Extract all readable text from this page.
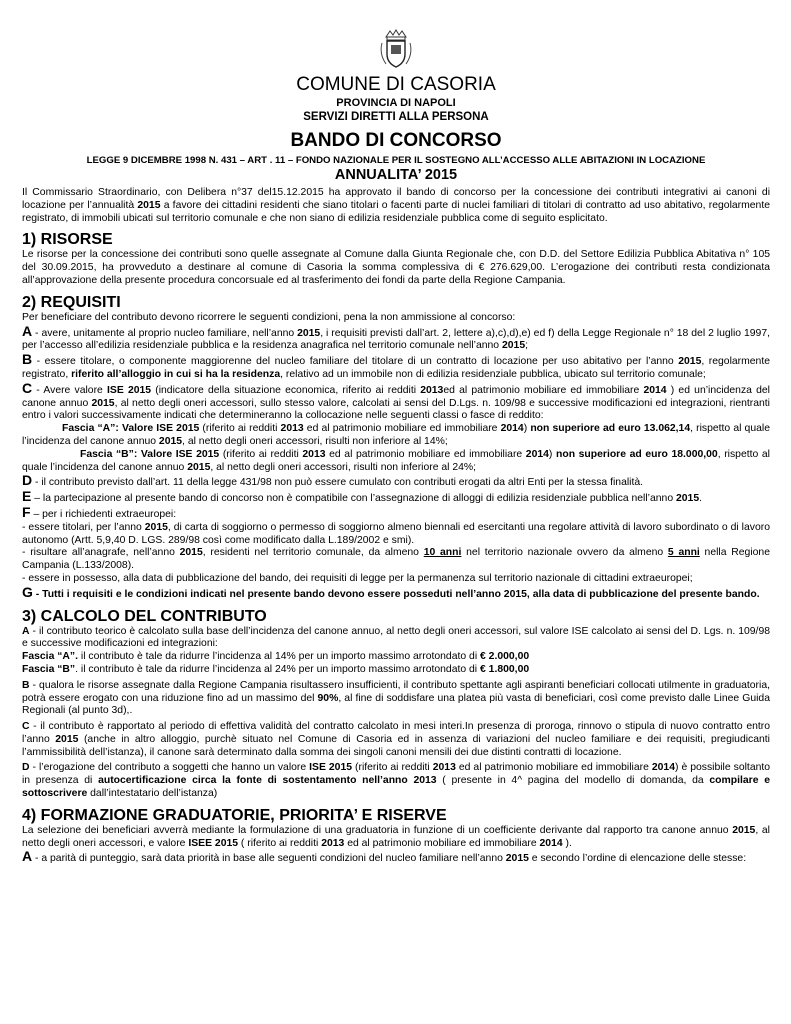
COMUNE DI CASORIA
PROVINCIA DI NAPOLI
SERVIZI DIRETTI ALLA PERSONA
BANDO DI CONCORSO
LEGGE 9 DICEMBRE 1998 N. 431 – ART . 11 – FONDO NAZIONALE PER IL SOSTEGNO ALL’ACCESSO ALLE ABITAZIONI IN LOCAZIONE
ANNUALITA’ 2015

Il Commissario Straordinario, con Delibera n°37 del15.12.2015 ha approvato il bando di concorso per la concessione dei contributi integrativi ai canoni di locazione per l’annualità 2015 a favore dei cittadini residenti che siano titolari o facenti parte di nuclei familiari di titolari di contratto ad uso abitativo, regolarmente registrato, di immobili ubicati sul territorio comunale e che non siano di edilizia residenziale pubblica come di seguito esplicitato.

1) RISORSE

Le risorse per la concessione dei contributi sono quelle assegnate al Comune dalla Giunta Regionale che, con D.D. del Settore Edilizia Pubblica Abitativa n° 105 del 30.09.2015, ha provveduto a destinare al comune di Casoria la somma complessiva di € 276.629,00. L’erogazione dei contributi resta condizionata all’approvazione della presente procedura concorsuale ed al trasferimento dei fondi da parte della Regione Campania.

2) REQUISITI

Per beneficiare del contributo devono ricorrere le seguenti condizioni, pena la non ammissione al concorso:

A - avere, unitamente al proprio nucleo familiare, nell’anno 2015, i requisiti previsti dall’art. 2, lettere a),c),d),e) ed f) della Legge Regionale n° 18 del 2 luglio 1997, per l’accesso all’edilizia residenziale pubblica e la residenza anagrafica nel territorio comunale nell’anno 2015;

B - essere titolare, o componente maggiorenne del nucleo familiare del titolare di un contratto di locazione per uso abitativo per l’anno 2015, regolarmente registrato, riferito all’alloggio in cui si ha la residenza, relativo ad un immobile non di edilizia residenziale pubblica, ubicato sul territorio comunale;

C - Avere valore ISE 2015 (indicatore della situazione economica, riferito ai redditi 2013ed al patrimonio mobiliare ed immobiliare 2014 ) ed un’incidenza del canone annuo 2015, al netto degli oneri accessori, sullo stesso valore, calcolati ai sensi del D.Lgs. n. 109/98 e successive modificazioni ed integrazioni, rientranti entro i valori successivamente indicati che determineranno la collocazione nelle seguenti classi o fasce di reddito:

Fascia “A”: Valore ISE 2015 (riferito ai redditi 2013 ed al patrimonio mobiliare ed immobiliare 2014) non superiore ad euro 13.062,14, rispetto al quale l’incidenza del canone annuo 2015, al netto degli oneri accessori, risulti non inferiore al 14%;

Fascia “B”: Valore ISE 2015 (riferito ai redditi 2013 ed al patrimonio mobiliare ed immobiliare 2014) non superiore ad euro 18.000,00, rispetto al quale l’incidenza del canone annuo 2015, al netto degli oneri accessori, risulti non inferiore al 24%;

D - il contributo previsto dall’art. 11 della legge 431/98 non può essere cumulato con contributi erogati da altri Enti per la stessa finalità.

E – la partecipazione al presente bando di concorso non è compatibile con l’assegnazione di alloggi di edilizia residenziale pubblica nell’anno 2015.

F – per i richiedenti extraeuropei:

- essere titolari, per l’anno 2015, di carta di soggiorno o permesso di soggiorno almeno biennali ed esercitanti una regolare attività di lavoro subordinato o di lavoro autonomo (Artt. 5,9,40 D. LGS. 289/98 così come modificato dalla L.189/2002 e smi).

- risultare all’anagrafe, nell’anno 2015, residenti nel territorio comunale, da almeno 10 anni nel territorio nazionale ovvero da almeno 5 anni nella Regione Campania (L.133/2008).

- essere in possesso, alla data di pubblicazione del bando, dei requisiti di legge per la permanenza sul territorio nazionale di cittadini extraeuropei;

G - Tutti i requisiti e le condizioni indicati nel presente bando devono essere posseduti nell’anno 2015, alla data di pubblicazione del presente bando.

3) CALCOLO DEL CONTRIBUTO

A - il contributo teorico è calcolato sulla base dell’incidenza del canone annuo, al netto degli oneri accessori, sul valore ISE calcolato ai sensi del D. Lgs. n. 109/98 e successive modificazioni ed integrazioni:

Fascia “A”. il contributo è tale da ridurre l’incidenza al 14% per un importo massimo arrotondato di € 2.000,00

Fascia “B”. il contributo è tale da ridurre l’incidenza al 24% per un importo massimo arrotondato di € 1.800,00

B - qualora le risorse assegnate dalla Regione Campania risultassero insufficienti, il contributo spettante agli aspiranti beneficiari collocati utilmente in graduatoria, potrà essere erogato con una riduzione fino ad un massimo del 90%, al fine di soddisfare una platea più vasta di beneficiari, così come previsto dalle Linee Guida Regionali (al punto 3d),.

C - il contributo è rapportato al periodo di effettiva validità del contratto calcolato in mesi interi.In presenza di proroga, rinnovo o stipula di nuovo contratto entro l’anno 2015 (anche in altro alloggio, purchè situato nel Comune di Casoria ed in assenza di variazioni del nucleo familiare e dei requisiti, pregiudicanti l’ammissibilità dell’istanza), il canone sarà determinato dalla somma dei singoli canoni mensili dei due distinti contratti di locazione.

D - l’erogazione del contributo a soggetti che hanno un valore ISE 2015 (riferito ai redditi 2013 ed al patrimonio mobiliare ed immobiliare 2014) è possibile soltanto in presenza di autocertificazione circa la fonte di sostentamento nell’anno 2013 ( presente in 4^ pagina del modello di domanda, da compilare e sottoscrivere dall’intestatario dell’istanza)

4) FORMAZIONE GRADUATORIE, PRIORITA’ E RISERVE

La selezione dei beneficiari avverrà mediante la formulazione di una graduatoria in funzione di un coefficiente derivante dal rapporto tra canone annuo 2015, al netto degli oneri accessori, e valore ISEE 2015 ( riferito ai redditi 2013 ed al patrimonio mobiliare ed immobiliare 2014 ).

A - a parità di punteggio, sarà data priorità in base alle seguenti condizioni del nucleo familiare nell’anno 2015 e secondo l’ordine di elencazione delle stesse:
